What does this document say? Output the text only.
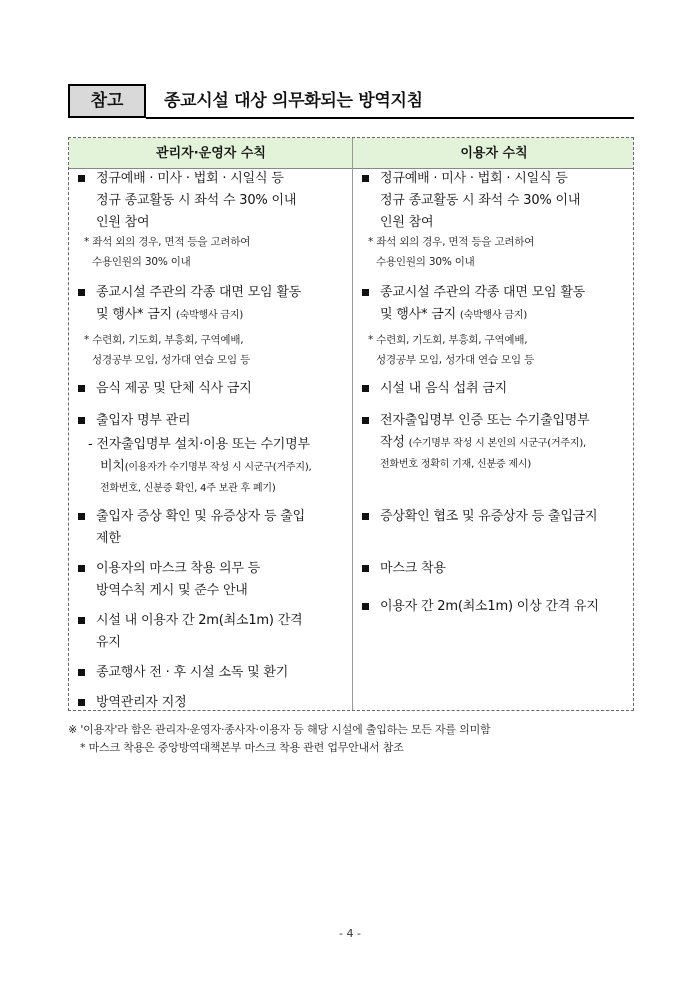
참고	종교시설 대상 의무화되는 방역지침
관리자·운영자 수칙	이용자 수칙
정규예배 · 미사 · 법회 · 시일식 등
정규 종교활동 시 좌석 수 30% 이내
인원 참여
* 좌석 외의 경우, 면적 등을 고려하여
수용인원의 30% 이내
종교시설 주관의 각종 대면 모임 활동
및 행사* 금지 (숙박행사 금지)
* 수련회, 기도회, 부흥회, 구역예배,
성경공부 모임, 성가대 연습 모임 등
음식 제공 및 단체 식사 금지
출입자 명부 관리
- 전자출입명부 설치·이용 또는 수기명부
비치(이용자가 수기명부 작성 시 시군구(거주지),
전화번호, 신분증 확인, 4주 보관 후 폐기)
출입자 증상 확인 및 유증상자 등 출입
제한
이용자의 마스크 착용 의무 등
방역수칙 게시 및 준수 안내
시설 내 이용자 간 2m(최소1m) 간격
유지
종교행사 전 · 후 시설 소독 및 환기
방역관리자 지정
정규예배 · 미사 · 법회 · 시일식 등
정규 종교활동 시 좌석 수 30% 이내
인원 참여
* 좌석 외의 경우, 면적 등을 고려하여
수용인원의 30% 이내
종교시설 주관의 각종 대면 모임 활동
및 행사* 금지 (숙박행사 금지)
* 수련회, 기도회, 부흥회, 구역예배,
성경공부 모임, 성가대 연습 모임 등
시설 내 음식 섭취 금지
전자출입명부 인증 또는 수기출입명부
작성 (수기명부 작성 시 본인의 시군구(거주지),
전화번호 정확히 기재, 신분증 제시)
증상확인 협조 및 유증상자 등 출입금지
마스크 착용
이용자 간 2m(최소1m) 이상 간격 유지
※ '이용자'라 함은 관리자·운영자·종사자·이용자 등 해당 시설에 출입하는 모든 자를 의미함
* 마스크 착용은 중앙방역대책본부 마스크 착용 관련 업무안내서 참조
- 4 -
